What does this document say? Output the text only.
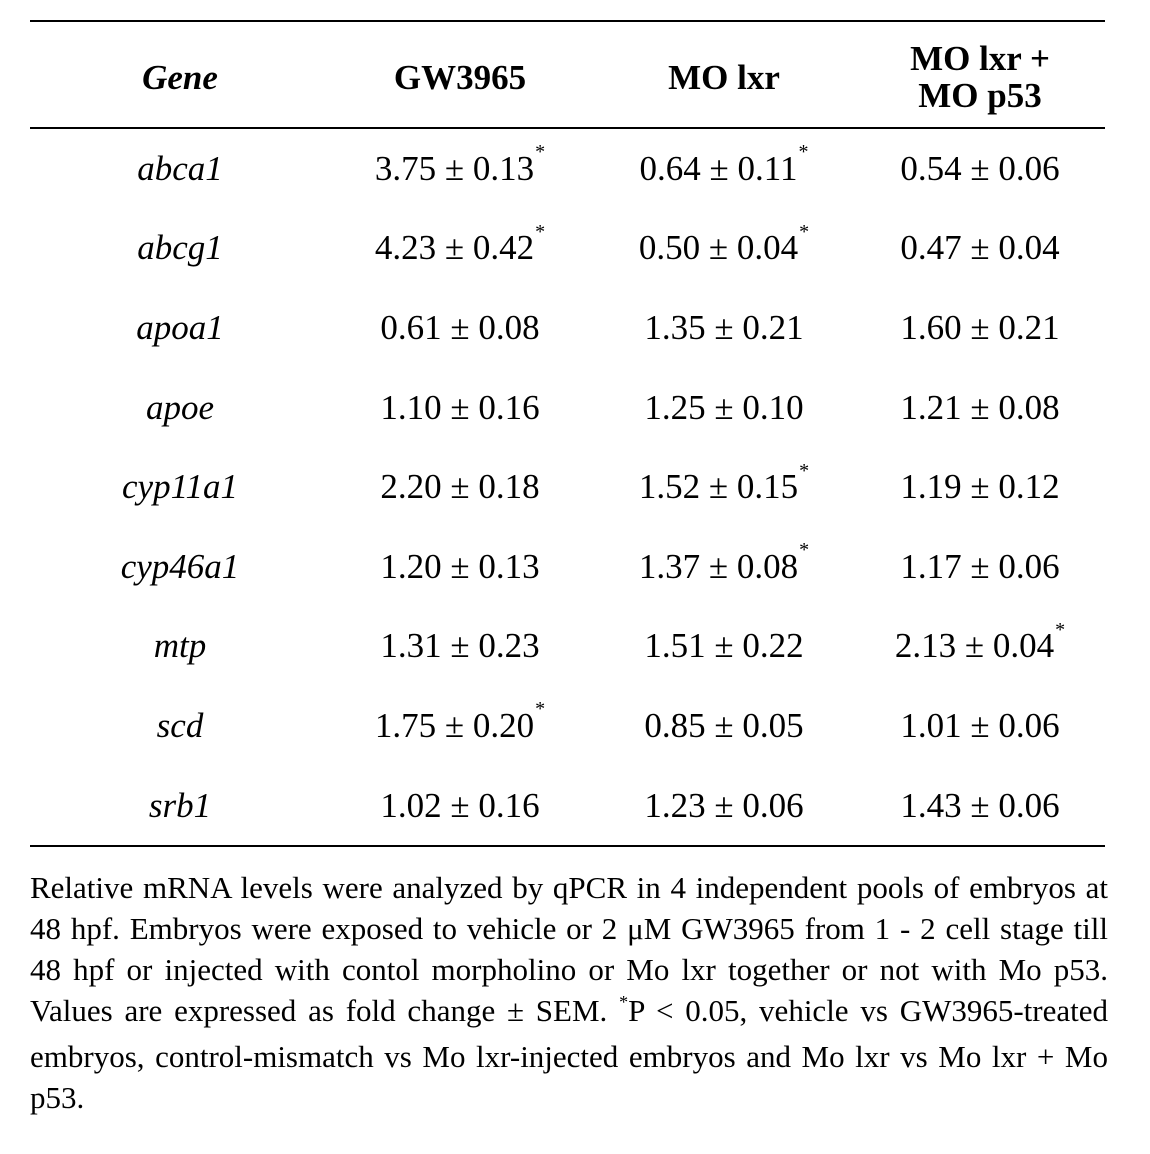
Gene	GW3965	MO lxr	MO lxr +
MO p53
abca1	3.75 ± 0.13 *	0.64 ± 0.11 *	0.54 ± 0.06
abcg1	4.23 ± 0.42 *	0.50 ± 0.04 *	0.47 ± 0.04
apoa1	0.61 ± 0.08	1.35 ± 0.21	1.60 ± 0.21
apoe	1.10 ± 0.16	1.25 ± 0.10	1.21 ± 0.08
cyp11a1	2.20 ± 0.18	1.52 ± 0.15 *	1.19 ± 0.12
cyp46a1	1.20 ± 0.13	1.37 ± 0.08 *	1.17 ± 0.06
mtp	1.31 ± 0.23	1.51 ± 0.22	2.13 ± 0.04 *
scd	1.75 ± 0.20 *	0.85 ± 0.05	1.01 ± 0.06
srb1	1.02 ± 0.16	1.23 ± 0.06	1.43 ± 0.06
Relative mRNA levels were analyzed by qPCR in 4 independent pools of embryos at 48 hpf. Embryos were exposed to vehicle or 2 μM GW3965 from 1 - 2 cell stage till 48 hpf or injected with contol morpholino or Mo lxr together or not with Mo p53. Values are expressed as fold change ± SEM. *P < 0.05, vehicle vs GW3965-treated embryos, control-mismatch vs Mo lxr-injected embryos and Mo lxr vs Mo lxr + Mo p53.
